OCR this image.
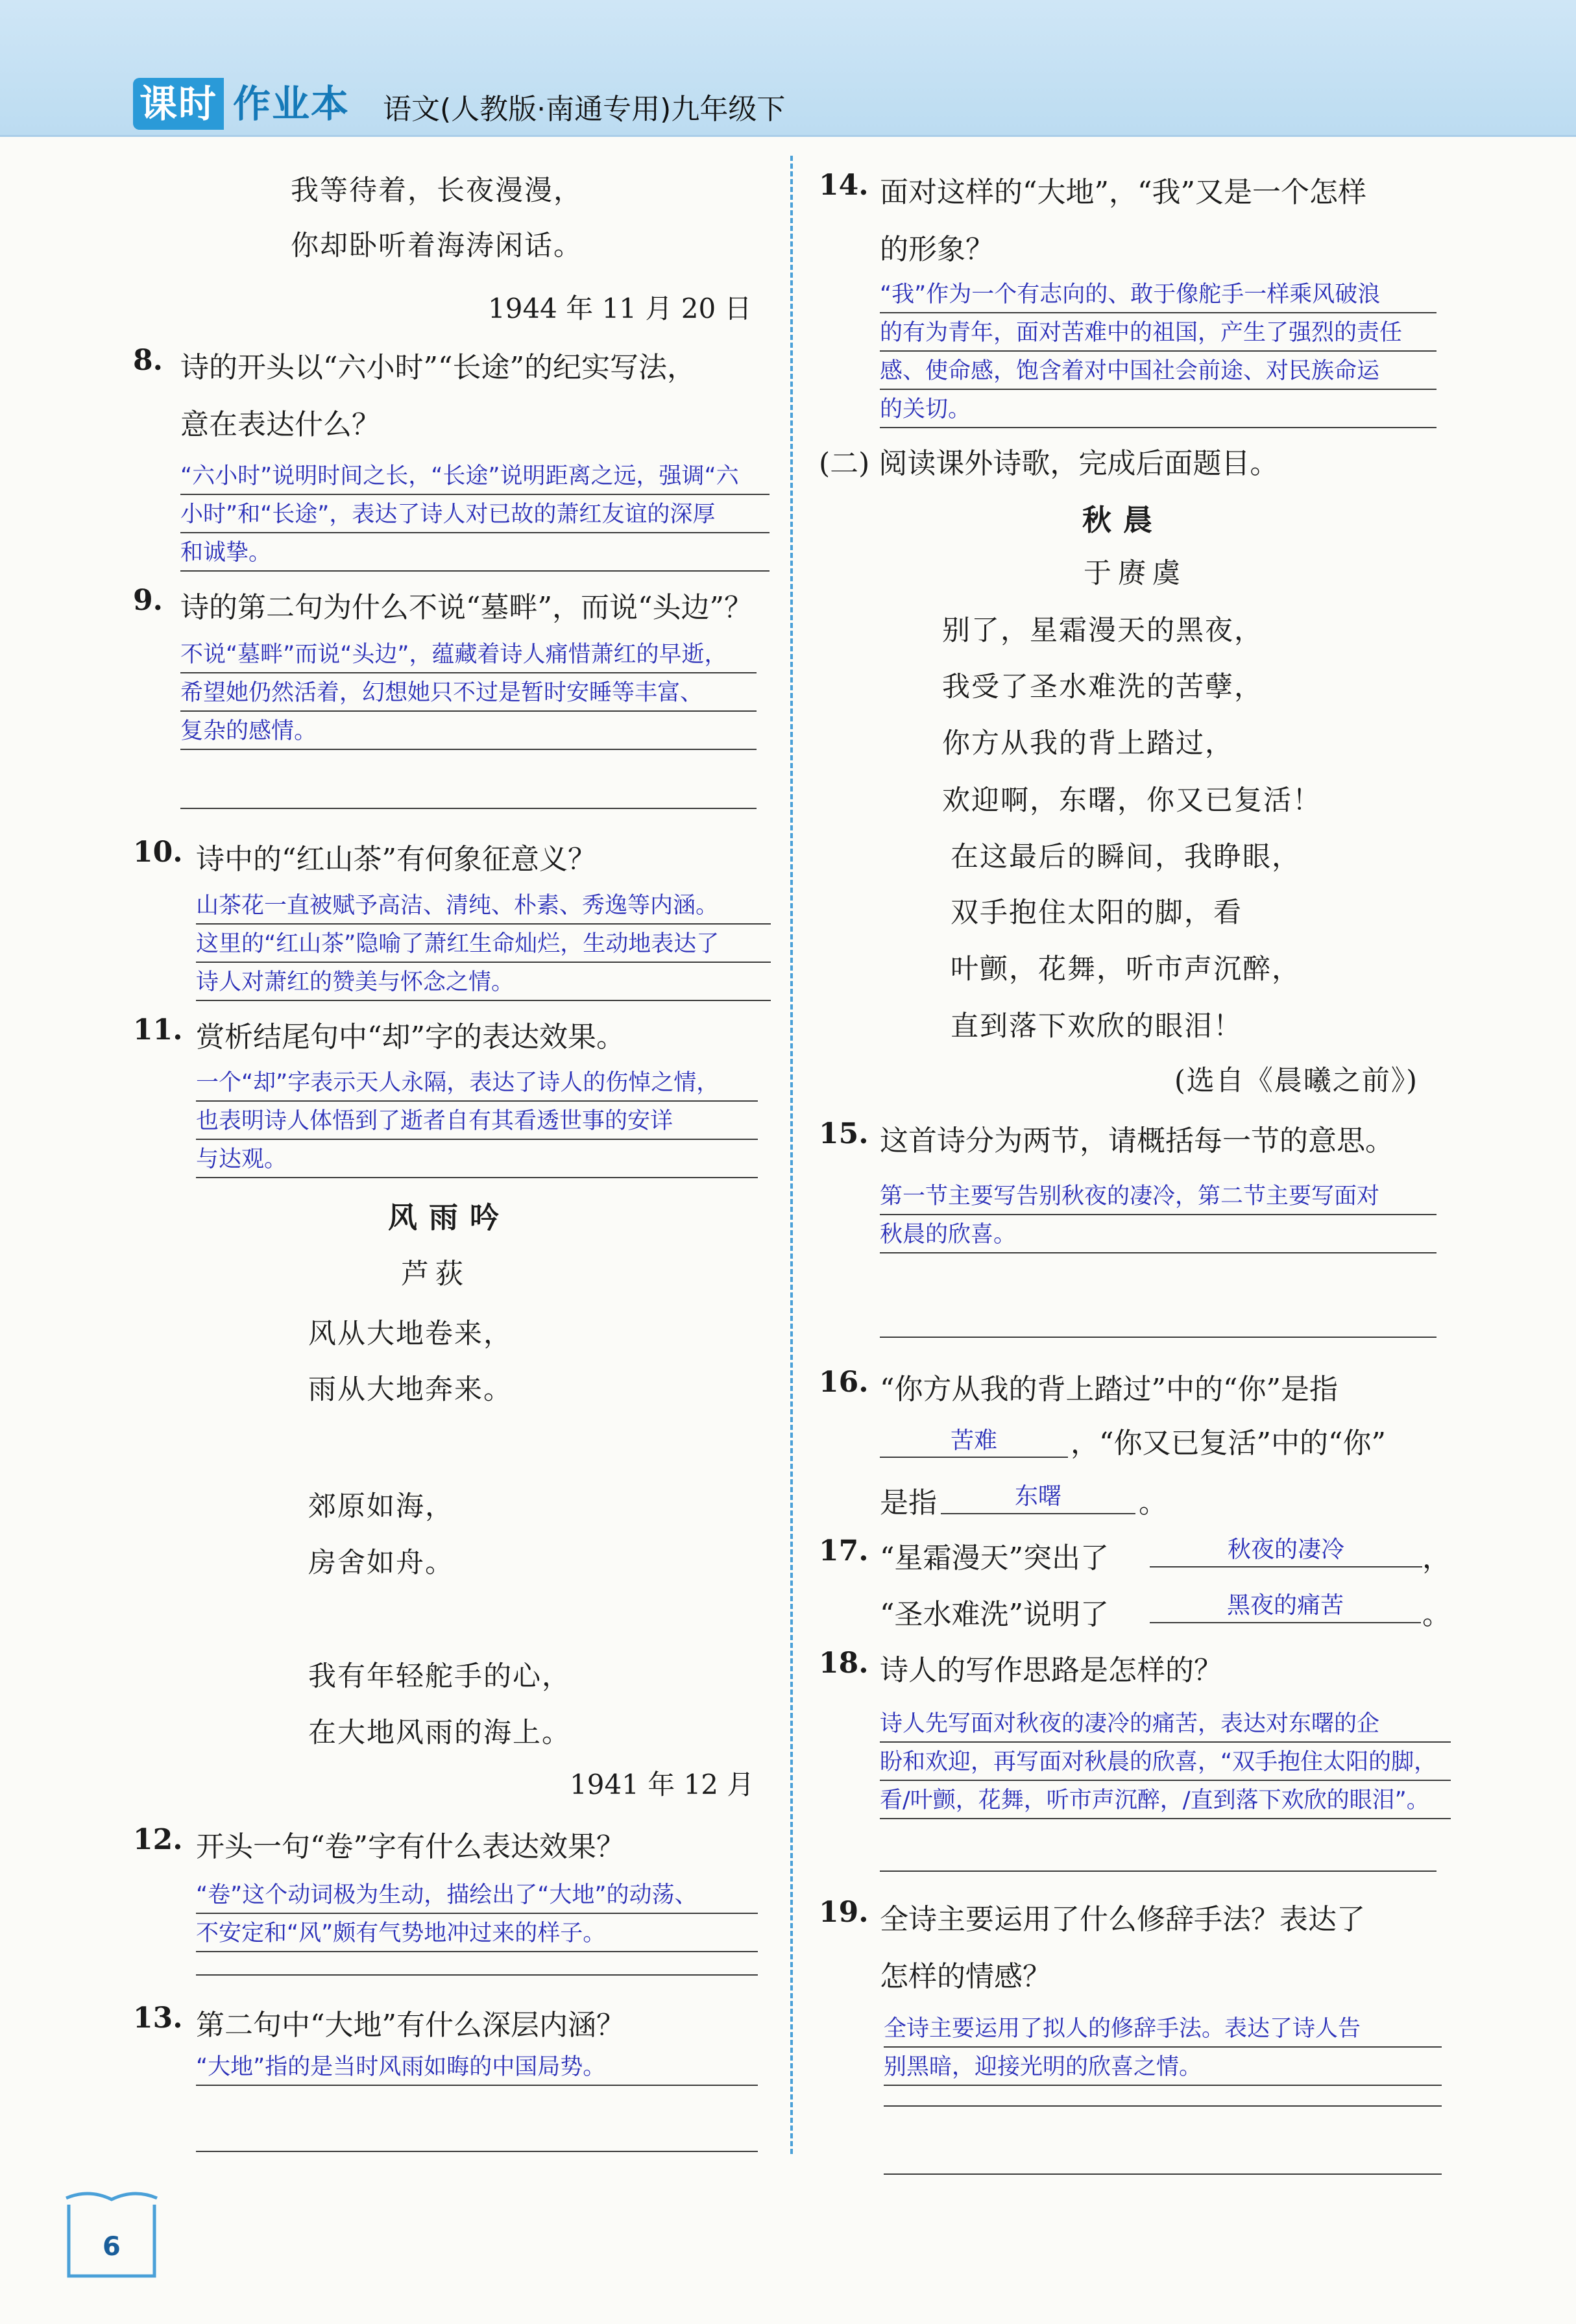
课时 作业本 语文(人教版·南通专用)九年级下
我等待着，长夜漫漫，
你却卧听着海涛闲话。
1944 年 11 月 20 日
8. 诗的开头以“六小时”“长途”的纪实写法，
意在表达什么？
“六小时”说明时间之长，“长途”说明距离之远，强调“六
小时”和“长途”，表达了诗人对已故的萧红友谊的深厚
和诚挚。
9. 诗的第二句为什么不说“墓畔”，而说“头边”？
不说“墓畔”而说“头边”，蕴藏着诗人痛惜萧红的早逝，
希望她仍然活着，幻想她只不过是暂时安睡等丰富、
复杂的感情。
10. 诗中的“红山茶”有何象征意义？
山茶花一直被赋予高洁、清纯、朴素、秀逸等内涵。
这里的“红山茶”隐喻了萧红生命灿烂，生动地表达了
诗人对萧红的赞美与怀念之情。
11. 赏析结尾句中“却”字的表达效果。
一个“却”字表示天人永隔，表达了诗人的伤悼之情，
也表明诗人体悟到了逝者自有其看透世事的安详
与达观。
风雨吟
芦荻
风从大地卷来，
雨从大地奔来。
郊原如海，
房舍如舟。
我有年轻舵手的心，
在大地风雨的海上。
1941 年 12 月
12. 开头一句“卷”字有什么表达效果？
“卷”这个动词极为生动，描绘出了“大地”的动荡、
不安定和“风”颇有气势地冲过来的样子。
13. 第二句中“大地”有什么深层内涵？
“大地”指的是当时风雨如晦的中国局势。
14. 面对这样的“大地”，“我”又是一个怎样
的形象？
“我”作为一个有志向的、敢于像舵手一样乘风破浪
的有为青年，面对苦难中的祖国，产生了强烈的责任
感、使命感，饱含着对中国社会前途、对民族命运
的关切。
(二) 阅读课外诗歌，完成后面题目。
秋晨
于赓虞
别了，星霜漫天的黑夜，
我受了圣水难洗的苦孽，
你方从我的背上踏过，
欢迎啊，东曙，你又已复活！
在这最后的瞬间，我睁眼，
双手抱住太阳的脚，看
叶颤，花舞，听市声沉醉，
直到落下欢欣的眼泪！
(选自《晨曦之前》)
15. 这首诗分为两节，请概括每一节的意思。
第一节主要写告别秋夜的凄冷，第二节主要写面对
秋晨的欣喜。
16. “你方从我的背上踏过”中的“你”是指
苦难	，“你又已复活”中的“你”
是指	东曙	。
17. “星霜漫天”突出了	秋夜的凄冷	，
“圣水难洗”说明了	黑夜的痛苦	。
18. 诗人的写作思路是怎样的？
诗人先写面对秋夜的凄冷的痛苦，表达对东曙的企
盼和欢迎，再写面对秋晨的欣喜，“双手抱住太阳的脚，
看/叶颤，花舞，听市声沉醉，/直到落下欢欣的眼泪”。
19. 全诗主要运用了什么修辞手法？表达了
怎样的情感？
全诗主要运用了拟人的修辞手法。表达了诗人告
别黑暗，迎接光明的欣喜之情。
6
